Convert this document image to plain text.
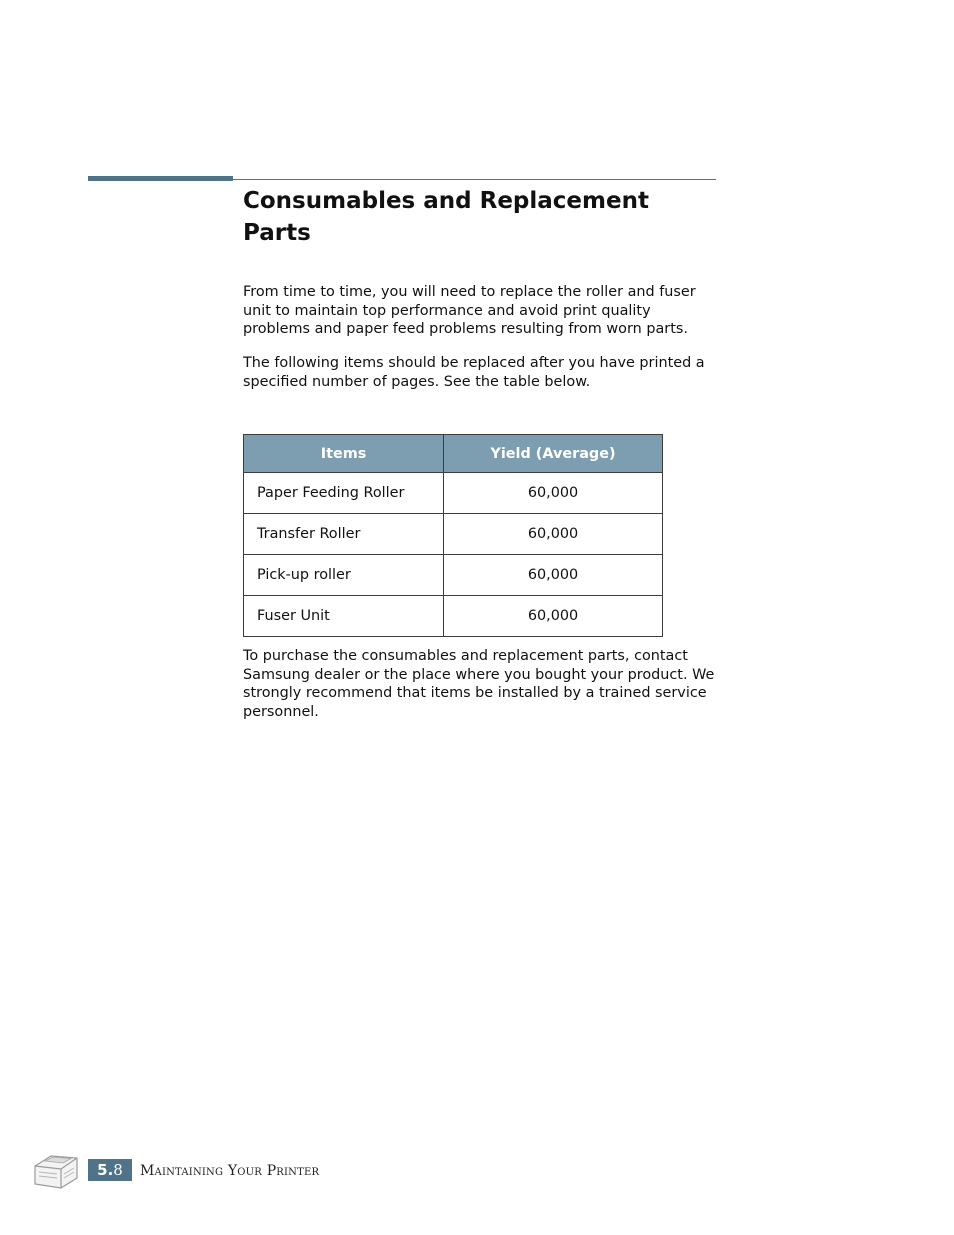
Consumables and Replacement Parts

From time to time, you will need to replace the roller and fuser unit to maintain top performance and avoid print quality problems and paper feed problems resulting from worn parts.

The following items should be replaced after you have printed a specified number of pages. See the table below.

Items	Yield (Average)
Paper Feeding Roller	60,000
Transfer Roller	60,000
Pick-up roller	60,000
Fuser Unit	60,000

To purchase the consumables and replacement parts, contact Samsung dealer or the place where you bought your product. We strongly recommend that items be installed by a trained service personnel.

5.8	Maintaining Your Printer
